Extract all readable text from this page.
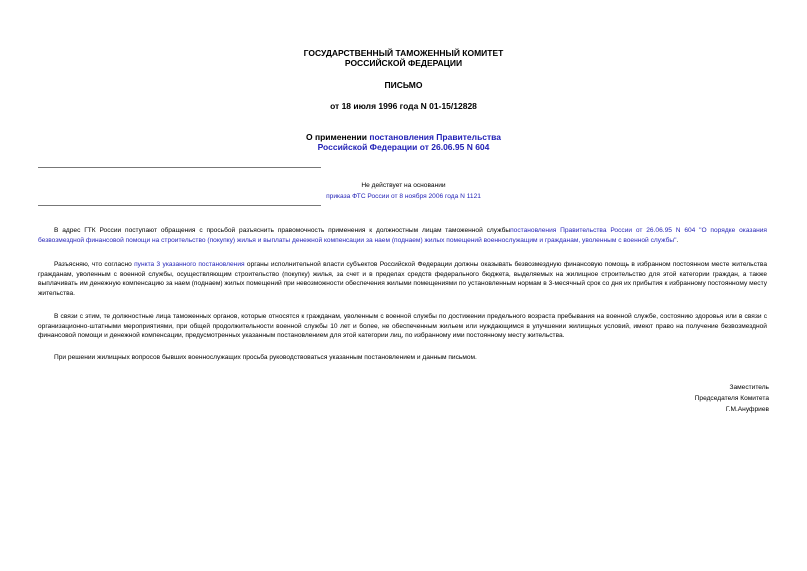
ГОСУДАРСТВЕННЫЙ ТАМОЖЕННЫЙ КОМИТЕТ
РОССИЙСКОЙ ФЕДЕРАЦИИ
ПИСЬМО
от 18 июля 1996 года N 01-15/12828
О применении постановления Правительства
Российской Федерации от 26.06.95 N 604
Не действует на основании
приказа ФТС России от 8 ноября 2006 года N 1121
В адрес ГТК России поступают обращения с просьбой разъяснить правомочность применения к должностным лицам таможенной службыпостановления Правительства России от 26.06.95 N 604 "О порядке оказания безвозмездной финансовой помощи на строительство (покупку) жилья и выплаты денежной компенсации за наем (поднаем) жилых помещений военнослужащим и гражданам, уволенным с военной службы".
Разъясняю, что согласно пункта 3 указанного постановления органы исполнительной власти субъектов Российской Федерации должны оказывать безвозмездную финансовую помощь в избранном постоянном месте жительства гражданам, уволенным с военной службы, осуществляющим строительство (покупку) жилья, за счет и в пределах средств федерального бюджета, выделяемых на жилищное строительство для этой категории граждан, а также выплачивать им денежную компенсацию за наем (поднаем) жилых помещений при невозможности обеспечения жилыми помещениями по установленным нормам в 3-месячный срок со дня их прибытия к избранному постоянному месту жительства.
В связи с этим, те должностные лица таможенных органов, которые относятся к гражданам, уволенным с военной службы по достижении предельного возраста пребывания на военной службе, состоянию здоровья или в связи с организационно-штатными мероприятиями, при общей продолжительности военной службы 10 лет и более, не обеспеченным жильем или нуждающимся в улучшении жилищных условий, имеют право на получение безвозмездной финансовой помощи и денежной компенсации, предусмотренных указанным постановлением для этой категории лиц, по избранному ими постоянному месту жительства.
При решении жилищных вопросов бывших военнослужащих просьба руководствоваться указанным постановлением и данным письмом.
Заместитель
Председателя Комитета
Г.М.Ануфриев
